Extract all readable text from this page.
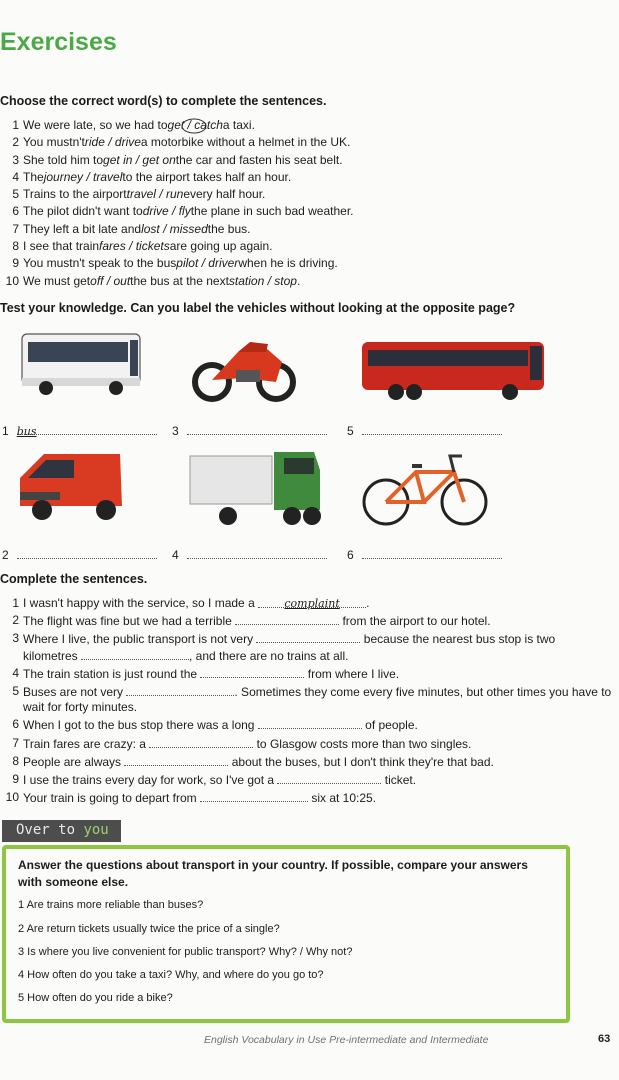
Exercises
Choose the correct word(s) to complete the sentences.
1 We were late, so we had to get / catch a taxi.
2 You mustn't ride / drive a motorbike without a helmet in the UK.
3 She told him to get in / get on the car and fasten his seat belt.
4 The journey / travel to the airport takes half an hour.
5 Trains to the airport travel / run every half hour.
6 The pilot didn't want to drive / fly the plane in such bad weather.
7 They left a bit late and lost / missed the bus.
8 I see that train fares / tickets are going up again.
9 You mustn't speak to the bus pilot / driver when he is driving.
10 We must get off / out the bus at the next station / stop .
Test your knowledge. Can you label the vehicles without looking at the opposite page?
1 bus	3	5
2	4	6
Complete the sentences.
1 I wasn't happy with the service, so I made a complaint .
2 The flight was fine but we had a terrible	from the airport to our hotel.
3 Where I live, the public transport is not very	because the nearest bus stop is two kilometres	, and there are no trains at all.
4 The train station is just round the	from where I live.
5 Buses are not very	. Sometimes they come every five minutes, but other times you have to wait for forty minutes.
6 When I got to the bus stop there was a long	of people.
7 Train fares are crazy: a	to Glasgow costs more than two singles.
8 People are always	about the buses, but I don't think they're that bad.
9 I use the trains every day for work, so I've got a	ticket.
10 Your train is going to depart from	six at 10:25.
Over to you
Answer the questions about transport in your country. If possible, compare your answers with someone else.
1 Are trains more reliable than buses?
2 Are return tickets usually twice the price of a single?
3 Is where you live convenient for public transport? Why? / Why not?
4 How often do you take a taxi? Why, and where do you go to?
5 How often do you ride a bike?
English Vocabulary in Use Pre-intermediate and Intermediate	63
